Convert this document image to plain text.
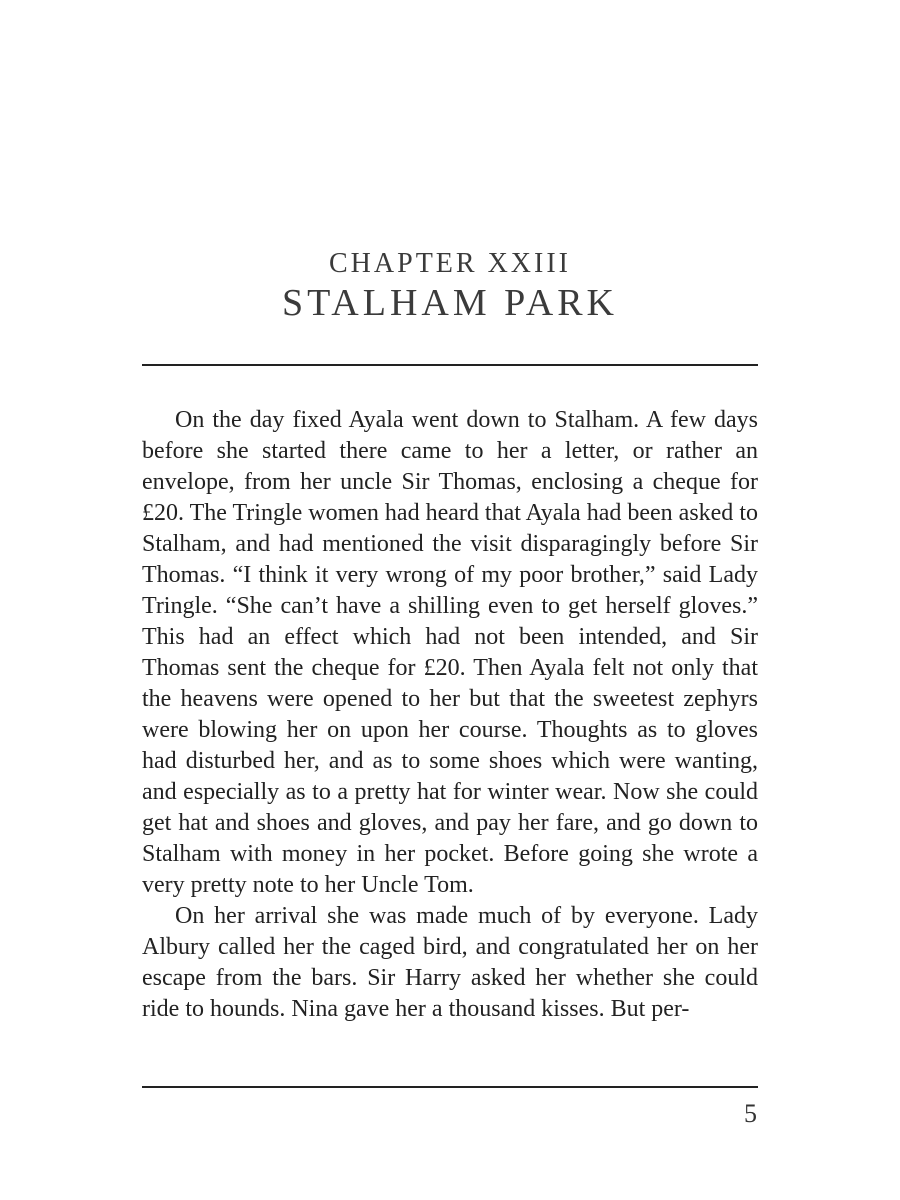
CHAPTER XXIII
STALHAM PARK

On the day fixed Ayala went down to Stalham. A few days before she started there came to her a letter, or rather an envelope, from her uncle Sir Thomas, enclosing a cheque for £20. The Tringle women had heard that Ayala had been asked to Stalham, and had mentioned the visit disparagingly before Sir Thomas. “I think it very wrong of my poor brother,” said Lady Tringle. “She can’t have a shilling even to get herself gloves.” This had an effect which had not been intended, and Sir Thomas sent the cheque for £20. Then Ayala felt not only that the heavens were opened to her but that the sweetest zephyrs were blowing her on upon her course. Thoughts as to gloves had disturbed her, and as to some shoes which were wanting, and especially as to a pretty hat for winter wear. Now she could get hat and shoes and gloves, and pay her fare, and go down to Stalham with money in her pocket. Before going she wrote a very pretty note to her Uncle Tom.

On her arrival she was made much of by everyone. Lady Albury called her the caged bird, and congratulated her on her escape from the bars. Sir Harry asked her whether she could ride to hounds. Nina gave her a thousand kisses. But per-

5
